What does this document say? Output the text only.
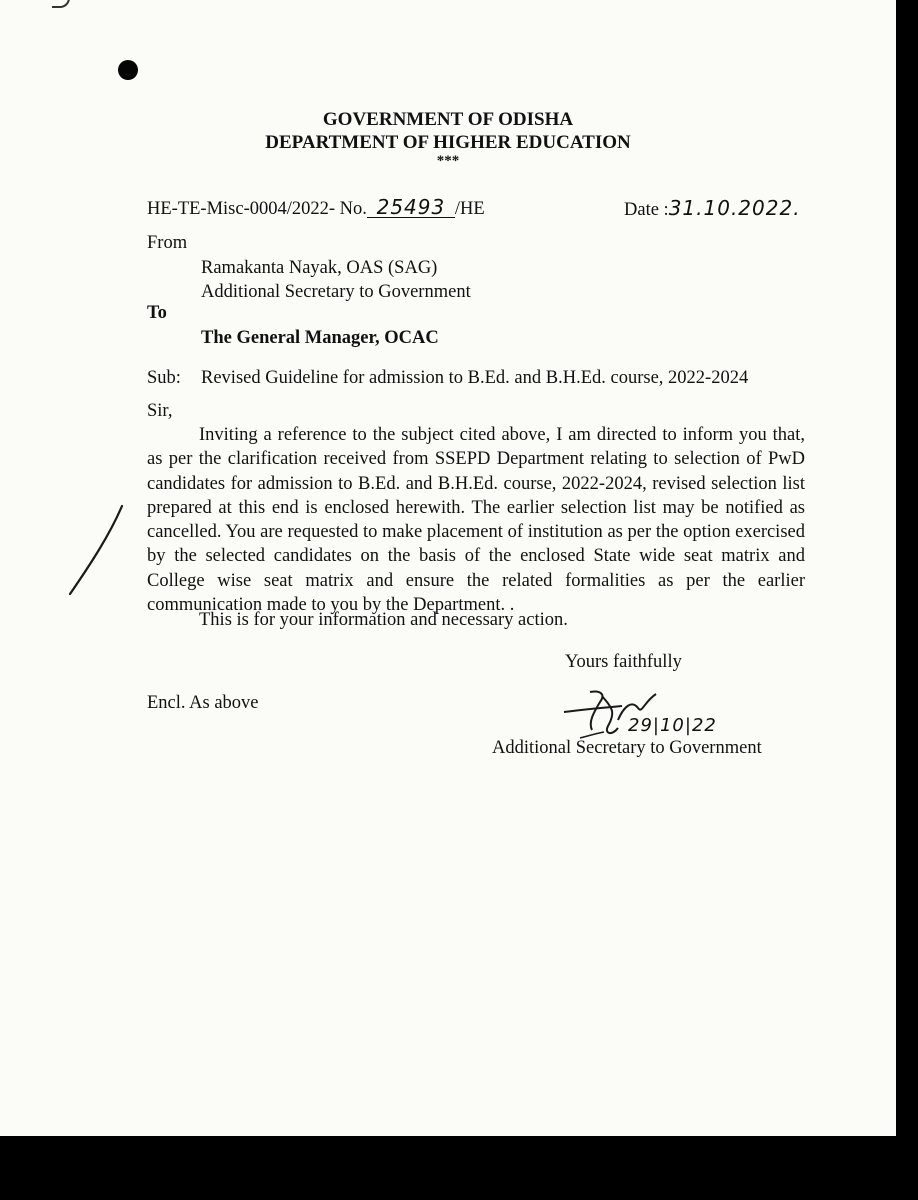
GOVERNMENT OF ODISHA
DEPARTMENT OF HIGHER EDUCATION
***
HE-TE-Misc-0004/2022- No. 25493 /HE	Date :31.10.2022.
From
Ramakanta Nayak, OAS (SAG)
Additional Secretary to Government
To
The General Manager, OCAC
Sub: Revised Guideline for admission to B.Ed. and B.H.Ed. course, 2022-2024
Sir,

Inviting a reference to the subject cited above, I am directed to inform you that, as per the clarification received from SSEPD Department relating to selection of PwD candidates for admission to B.Ed. and B.H.Ed. course, 2022-2024, revised selection list prepared at this end is enclosed herewith. The earlier selection list may be notified as cancelled. You are requested to make placement of institution as per the option exercised by the selected candidates on the basis of the enclosed State wide seat matrix and College wise seat matrix and ensure the related formalities as per the earlier communication made to you by the Department. .

This is for your information and necessary action.
Yours faithfully
Encl. As above
29|10|22
Additional Secretary to Government
